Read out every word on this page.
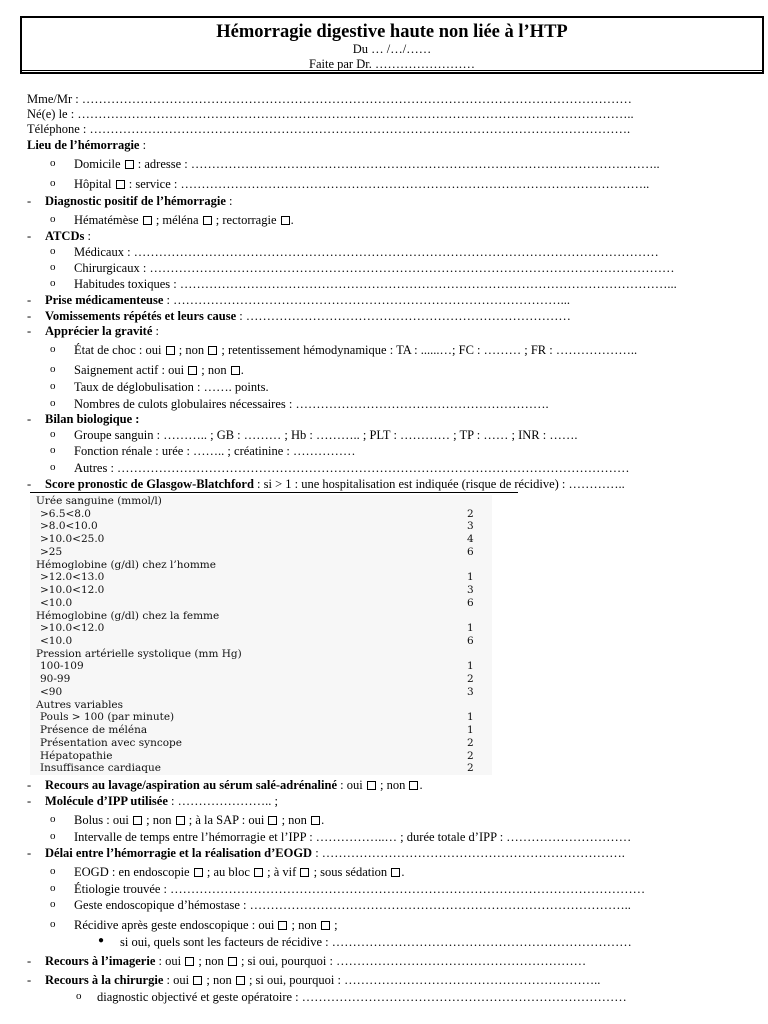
Hémorragie digestive haute non liée à l’HTP
Du … /…/……
Faite par Dr. ……………………
Mme/Mr : ……………………………………………………………………………………………………………………
Né(e) le : ……………………………………………………………………………………………………………………..
Téléphone : ………………………………………………………………………………………………………………….
Lieu de l’hémorragie :
o
Domicile  : adresse : …………………………………………………………………………………………………..
o
Hôpital  : service : …………………………………………………………………………………………………..
- Diagnostic positif de l’hémorragie :
o
Hématémèse  ; méléna  ; rectorragie .
- ATCDs :
o
Médicaux : ………………………………………………………………………………………………………………
o
Chirurgicaux : ………………………………………………………………………………………………………………
o
Habitudes toxiques : ………………………………………………………………………………………………………...
- Prise médicamenteuse : …………………………………………………………………………………...
- Vomissements répétés et leurs cause : ……………………………………………………………………
- Apprécier la gravité :
o
État de choc : oui  ; non  ; retentissement hémodynamique : TA : ......…; FC : ……… ; FR : ………………..
o
Saignement actif : oui  ; non .
o
Taux de déglobulisation : ……. points.
o
Nombres de culots globulaires nécessaires : …………………………………………………….
- Bilan biologique :
o
Groupe sanguin : ……….. ; GB : ……… ; Hb : ……….. ; PLT : ………… ; TP : …… ; INR : …….
o
Fonction rénale : urée : …….. ; créatinine : ……………
o
Autres : ……………………………………………………………………………………………………………
- Score pronostic de Glasgow-Blatchford : si > 1 : une hospitalisation est indiquée (risque de récidive) : …………..
Urée sanguine (mmol/l)
>6.5<8.0	2
>8.0<10.0	3
>10.0<25.0	4
>25	6
Hémoglobine (g/dl) chez l’homme
>12.0<13.0	1
>10.0<12.0	3
<10.0	6
Hémoglobine (g/dl) chez la femme
>10.0<12.0	1
<10.0	6
Pression artérielle systolique (mm Hg)
100-109	1
90-99	2
<90	3
Autres variables
Pouls > 100 (par minute)	1
Présence de méléna	1
Présentation avec syncope	2
Hépatopathie	2
Insuffisance cardiaque	2
- Recours au lavage/aspiration au sérum salé-adrénaliné : oui  ; non .
- Molécule d’IPP utilisée : ………………….. ;
o
Bolus : oui  ; non  ; à la SAP : oui  ; non .
o
Intervalle de temps entre l’hémorragie et l’IPP : ……………..… ; durée totale d’IPP : …………………………
- Délai entre l’hémorragie et la réalisation d’EOGD : ……………………………………………………………….
o
EOGD : en endoscopie  ; au bloc  ; à vif  ; sous sédation .
o
Étiologie trouvée : ……………………………………………………………………………………………………
o
Geste endoscopique d’hémostase : ………………………………………………………………………………..
o
Récidive après geste endoscopique : oui  ; non  ;
●
si oui, quels sont les facteurs de récidive : ………………………………………………………………
- Recours à l’imagerie : oui  ; non  ; si oui, pourquoi : ……………………………………………………
- Recours à la chirurgie : oui  ; non  ; si oui, pourquoi : ……………………………………………………..
o
diagnostic objectivé et geste opératoire : ……………………………………………………………………
